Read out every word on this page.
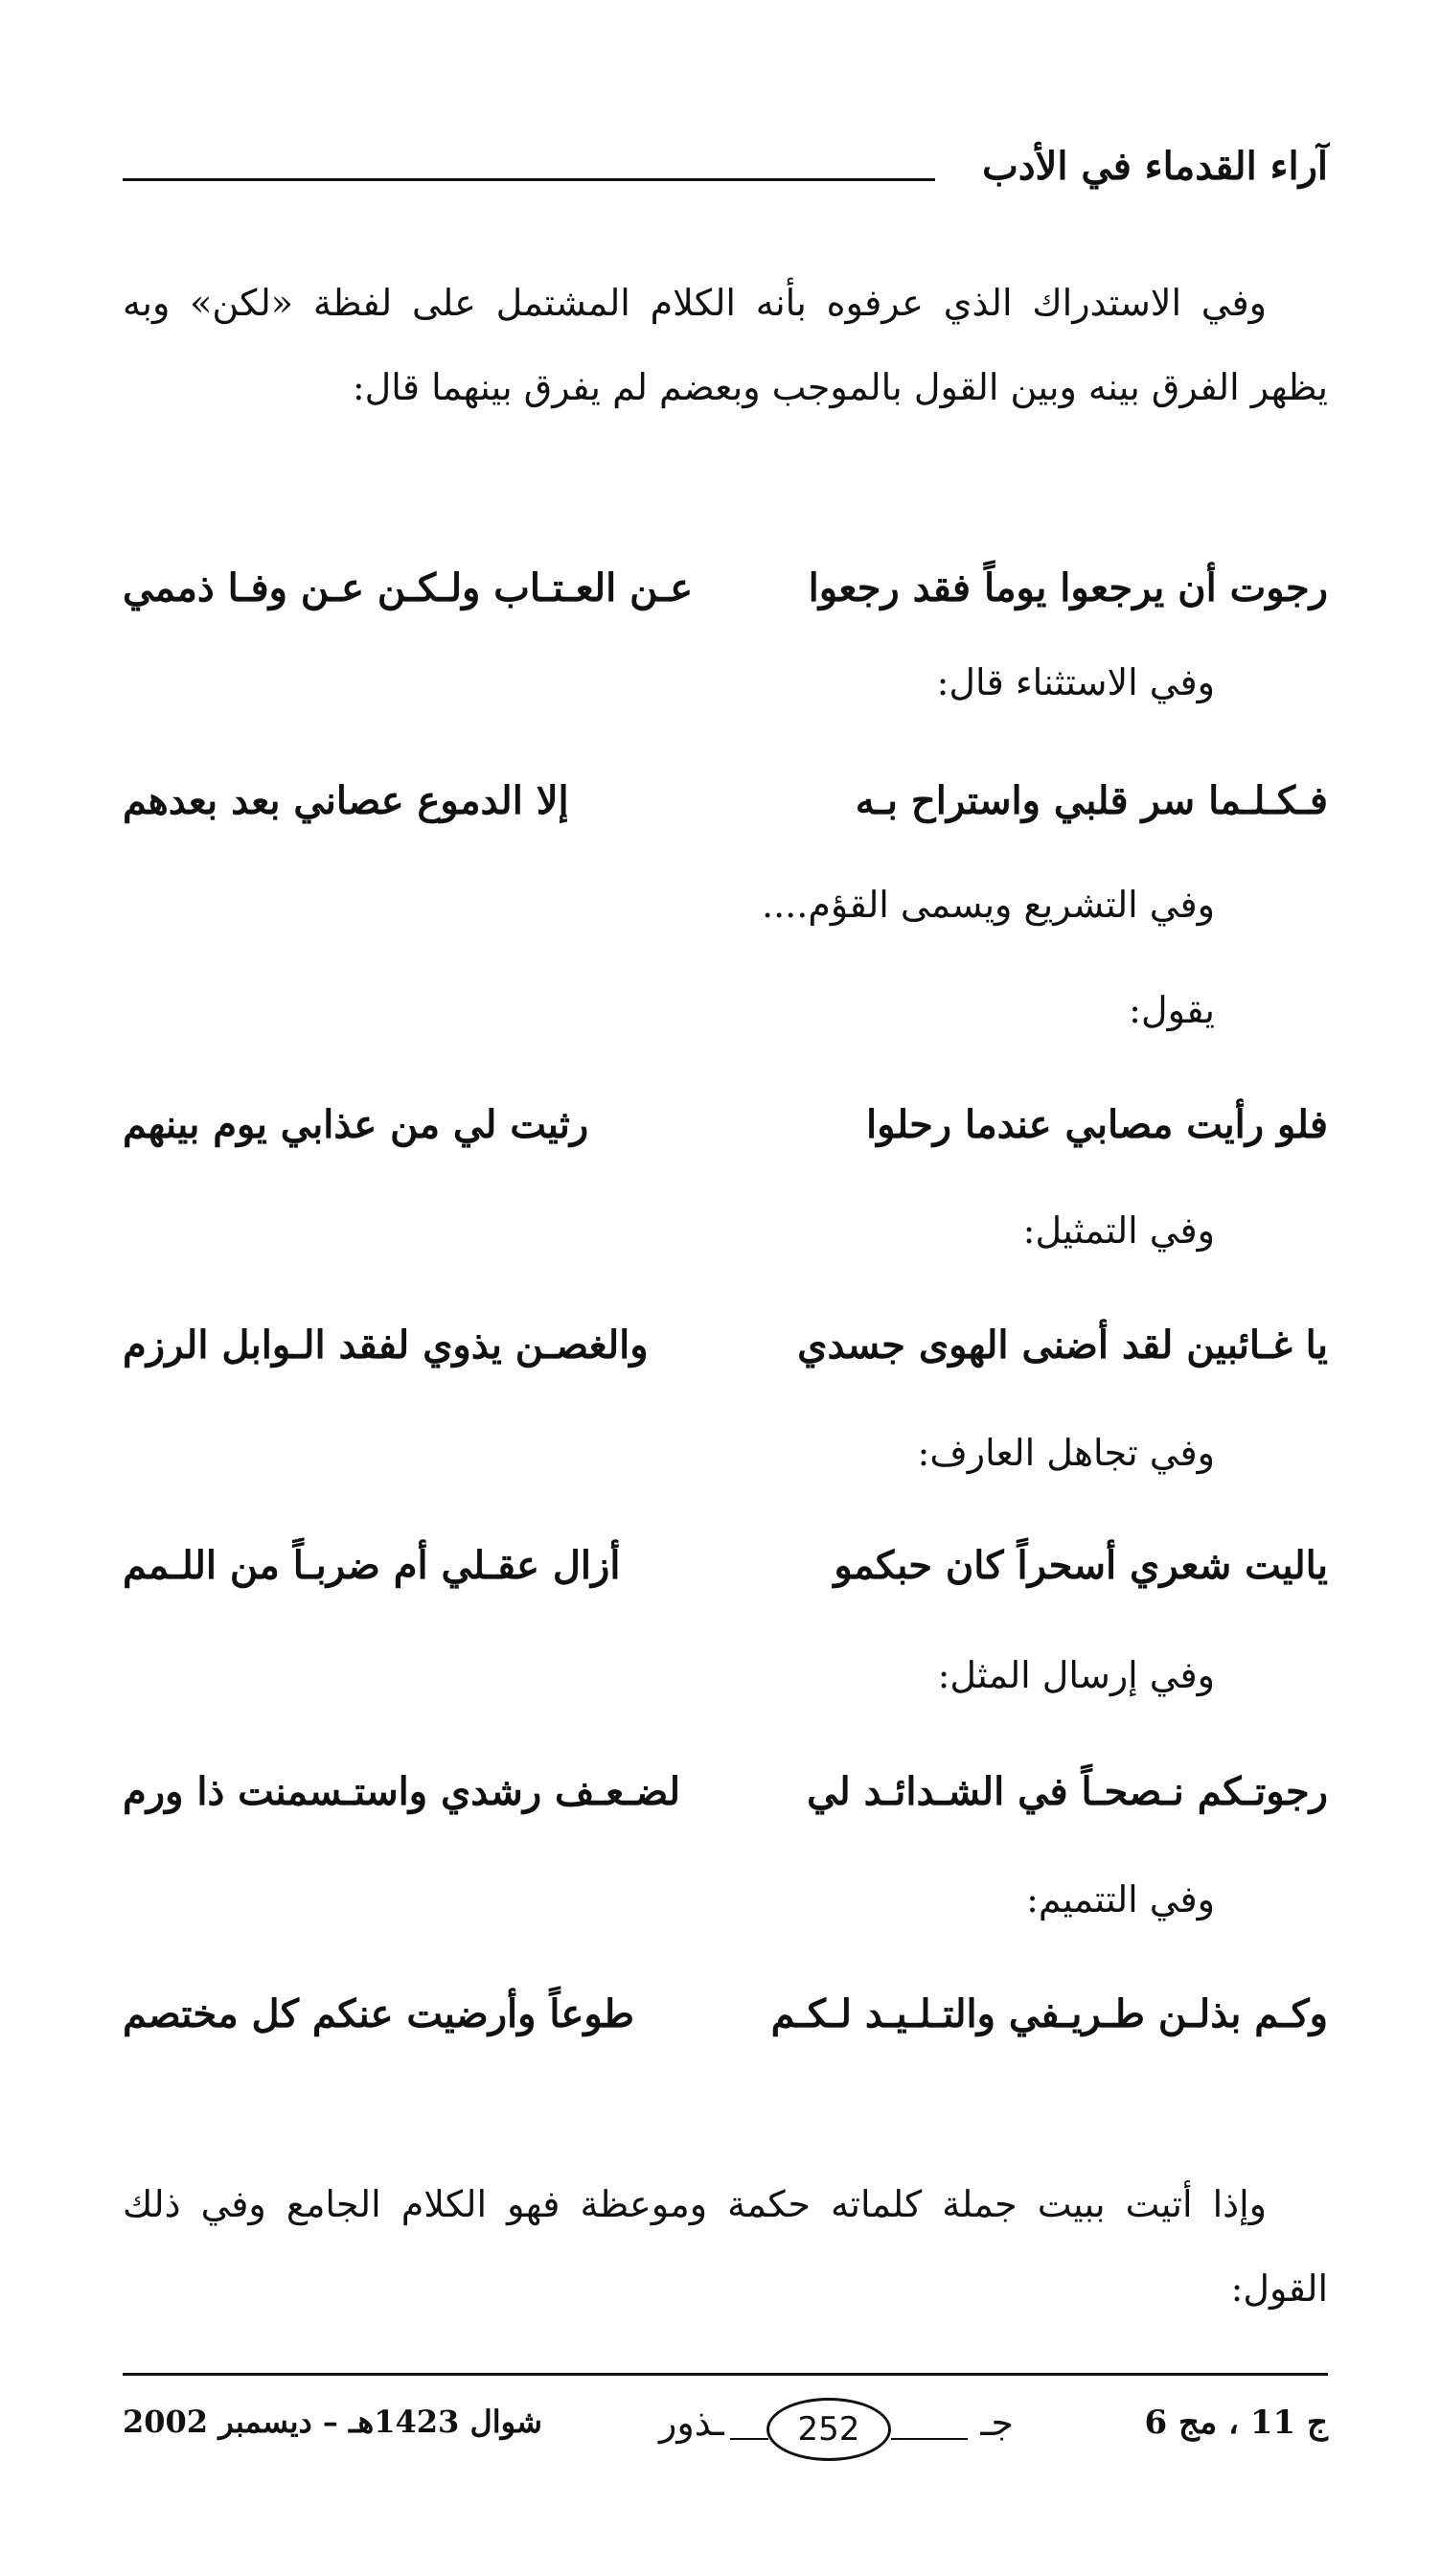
آراء القدماء في الأدب
وفي الاستدراك الذي عرفوه بأنه الكلام المشتمل على لفظة «لكن» وبه يظهر الفرق بينه وبين القول بالموجب وبعضم لم يفرق بينهما قال:
رجوت أن يرجعوا يوماً فقد رجعوا
عـن العـتـاب ولـكـن عـن وفـا ذممي
وفي الاستثناء قال:
فـكـلـما سر قلبي واستراح بـه
إلا الدموع عصاني بعد بعدهم
وفي التشريع ويسمى القؤم....
يقول:
فلو رأيت مصابي عندما رحلوا
رثيت لي من عذابي يوم بينهم
وفي التمثيل:
يا غـائبين لقد أضنى الهوى جسدي
والغصـن يذوي لفقد الـوابل الرزم
وفي تجاهل العارف:
ياليت شعري أسحراً كان حبكمو
أزال عقـلي أم ضربـاً من اللـمم
وفي إرسال المثل:
رجوتـكم نـصحـاً في الشـدائـد لي
لضـعـف رشدي واستـسمنت ذا ورم
وفي التتميم:
وكـم بذلـن طـريـفي والتـلـيـد لـكـم
طوعاً وأرضيت عنكم كل مختصم
وإذا أتيت ببيت جملة كلماته حكمة وموعظة فهو الكلام الجامع وفي ذلك القول:
ج 11 ، مج 6
جـ
252
ـذور
شوال 1423هـ – ديسمبر 2002
